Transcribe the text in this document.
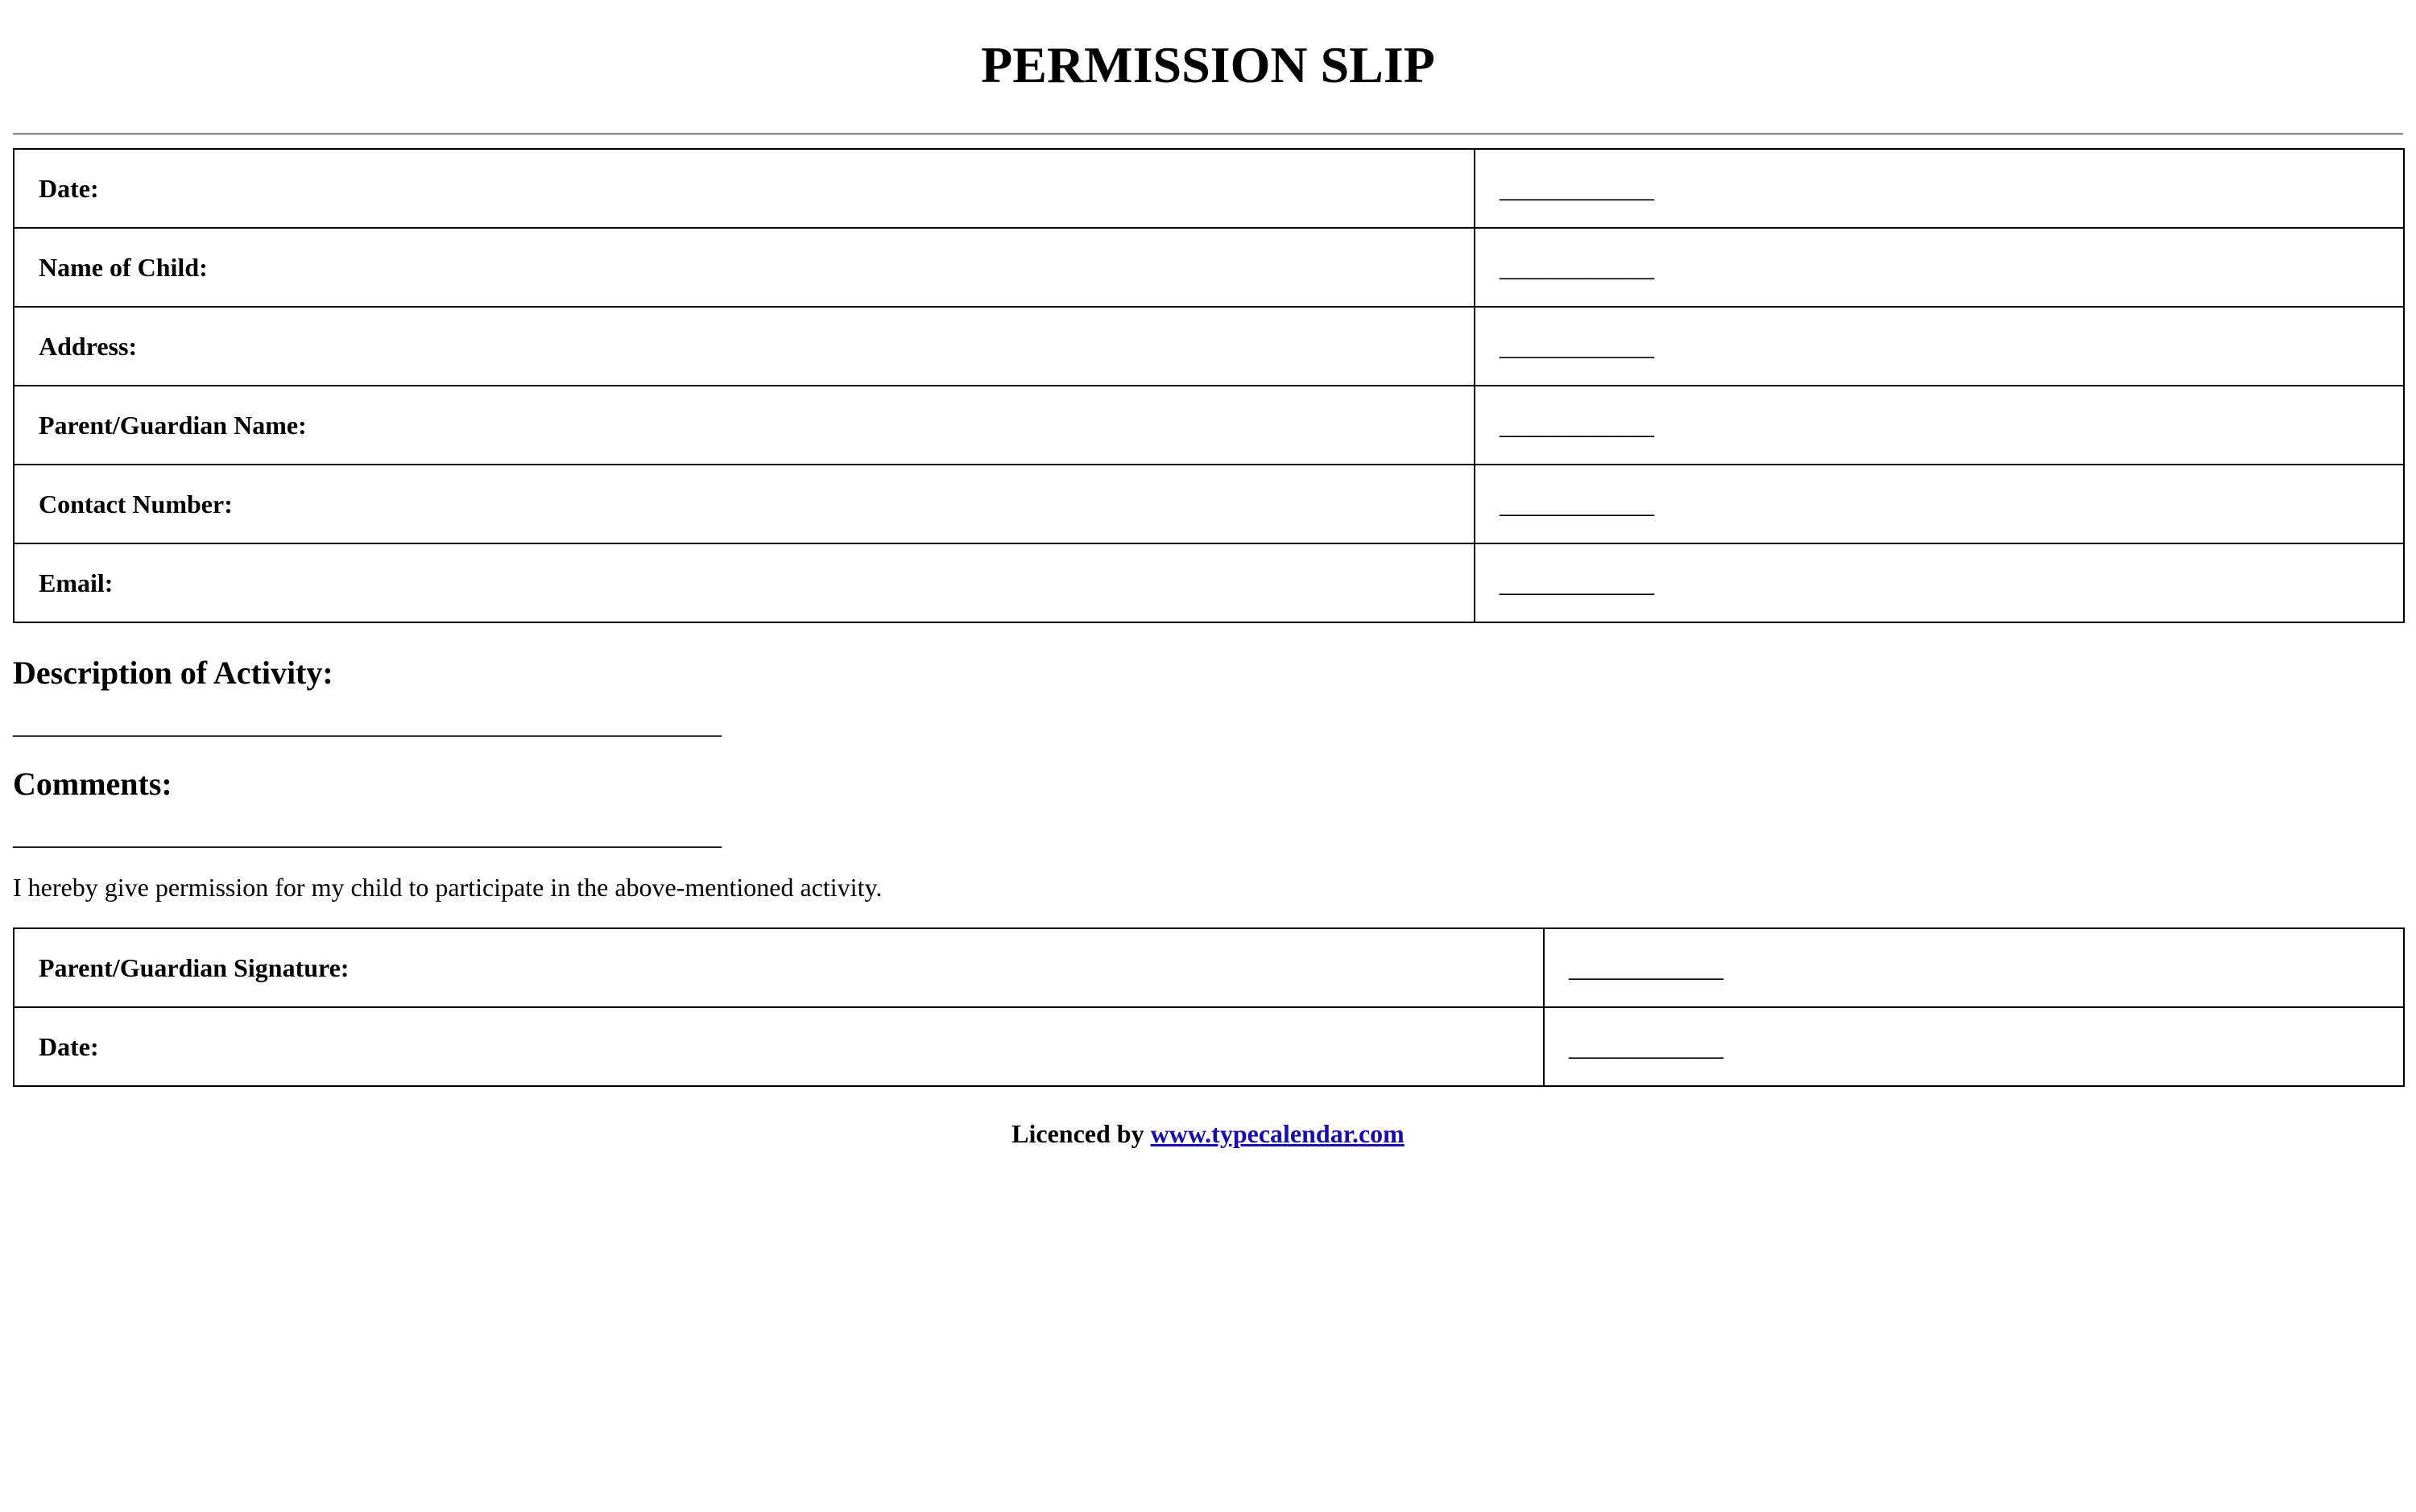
PERMISSION SLIP
Date:	____________
Name of Child:	____________
Address:	____________
Parent/Guardian Name:	____________
Contact Number:	____________
Email:	____________
Description of Activity:

_______________________________________________________

Comments:

_______________________________________________________

I hereby give permission for my child to participate in the above-mentioned activity.

Parent/Guardian Signature:	____________
Date:	____________

Licenced by www.typecalendar.com
